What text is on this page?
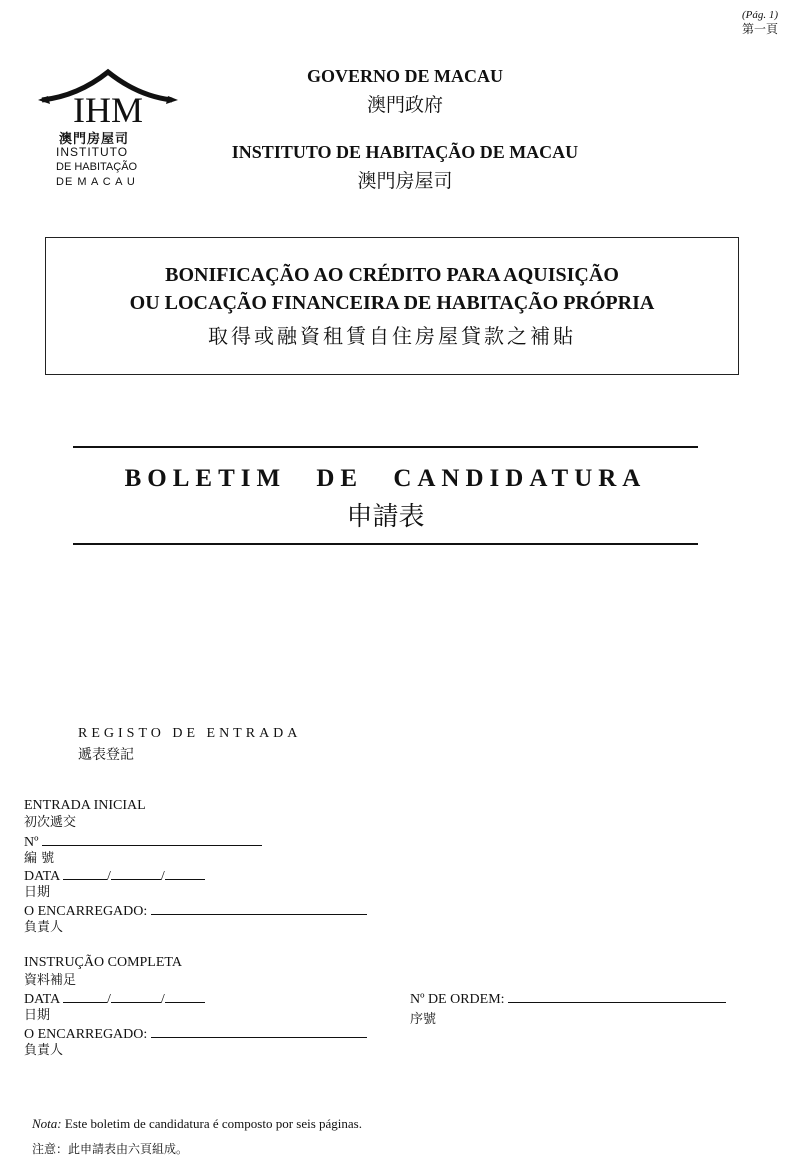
(Pág. 1)
第一頁
IHM
澳門房屋司
INSTITUTO
DE HABITAÇÃO
DE M A C A U
GOVERNO DE MACAU
澳門政府
INSTITUTO DE HABITAÇÃO DE MACAU
澳門房屋司
BONIFICAÇÃO AO CRÉDITO PARA AQUISIÇÃO
OU LOCAÇÃO FINANCEIRA DE HABITAÇÃO PRÓPRIA
取得或融資租賃自住房屋貸款之補貼
BOLETIM DE CANDIDATURA
申請表
REGISTO DE ENTRADA
遞表登記
ENTRADA INICIAL
初次遞交
Nº
編 號
DATA	/	/
日期
O ENCARREGADO:
負責人
INSTRUÇÃO COMPLETA
資料補足
DATA	/	/
日期
O ENCARREGADO:
負責人
Nº DE ORDEM:
序號
Nota: Este boletim de candidatura é composto por seis páginas.
注意：此申請表由六頁組成。
